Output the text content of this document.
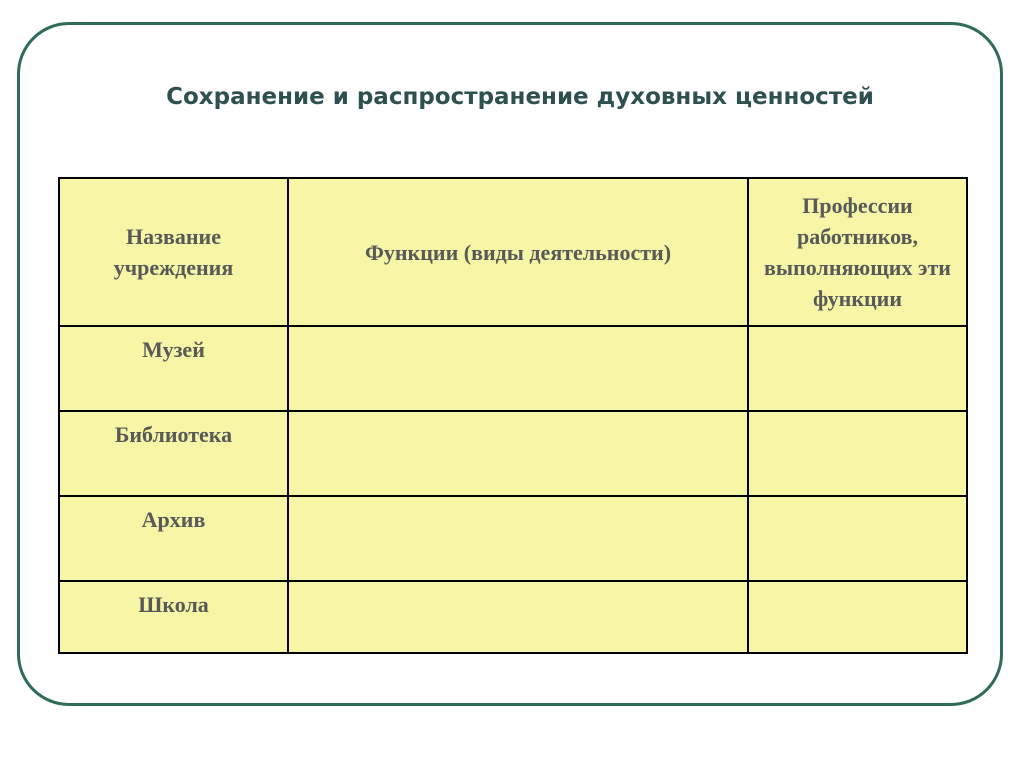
Сохранение и распространение духовных ценностей
Название учреждения	Функции (виды деятельности)	Профессии работников, выполняющих эти функции
Музей		
Библиотека		
Архив		
Школа		
